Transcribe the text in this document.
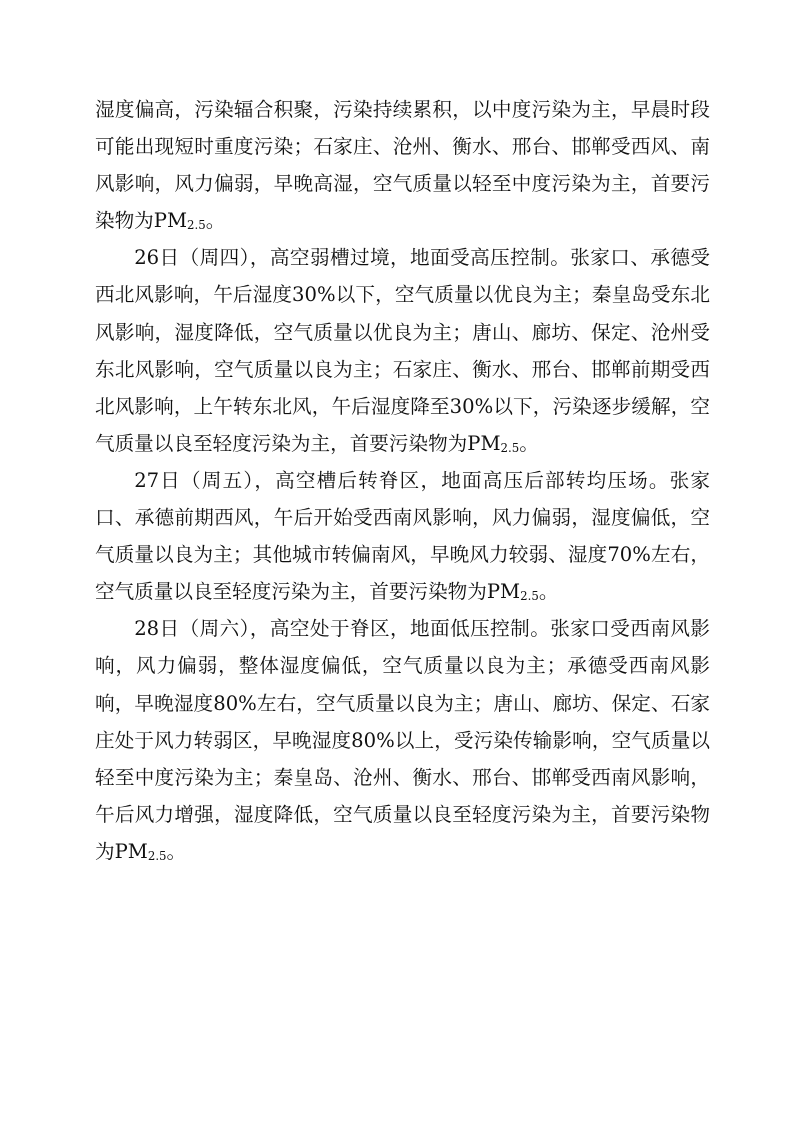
湿度偏高，污染辐合积聚，污染持续累积，以中度污染为主，早晨时段可能出现短时重度污染；石家庄、沧州、衡水、邢台、邯郸受西风、南风影响，风力偏弱，早晚高湿，空气质量以轻至中度污染为主，首要污染物为$PM_{2.5}$。

26日（周四），高空弱槽过境，地面受高压控制。张家口、承德受西北风影响，午后湿度30%以下，空气质量以优良为主；秦皇岛受东北风影响，湿度降低，空气质量以优良为主；唐山、廊坊、保定、沧州受东北风影响，空气质量以良为主；石家庄、衡水、邢台、邯郸前期受西北风影响，上午转东北风，午后湿度降至30%以下，污染逐步缓解，空气质量以良至轻度污染为主，首要污染物为$PM_{2.5}$。

27日（周五），高空槽后转脊区，地面高压后部转均压场。张家口、承德前期西风，午后开始受西南风影响，风力偏弱，湿度偏低，空气质量以良为主；其他城市转偏南风，早晚风力较弱、湿度70%左右，空气质量以良至轻度污染为主，首要污染物为$PM_{2.5}$。

28日（周六），高空处于脊区，地面低压控制。张家口受西南风影响，风力偏弱，整体湿度偏低，空气质量以良为主；承德受西南风影响，早晚湿度80%左右，空气质量以良为主；唐山、廊坊、保定、石家庄处于风力转弱区，早晚湿度80%以上，受污染传输影响，空气质量以轻至中度污染为主；秦皇岛、沧州、衡水、邢台、邯郸受西南风影响，午后风力增强，湿度降低，空气质量以良至轻度污染为主，首要污染物为$PM_{2.5}$。
